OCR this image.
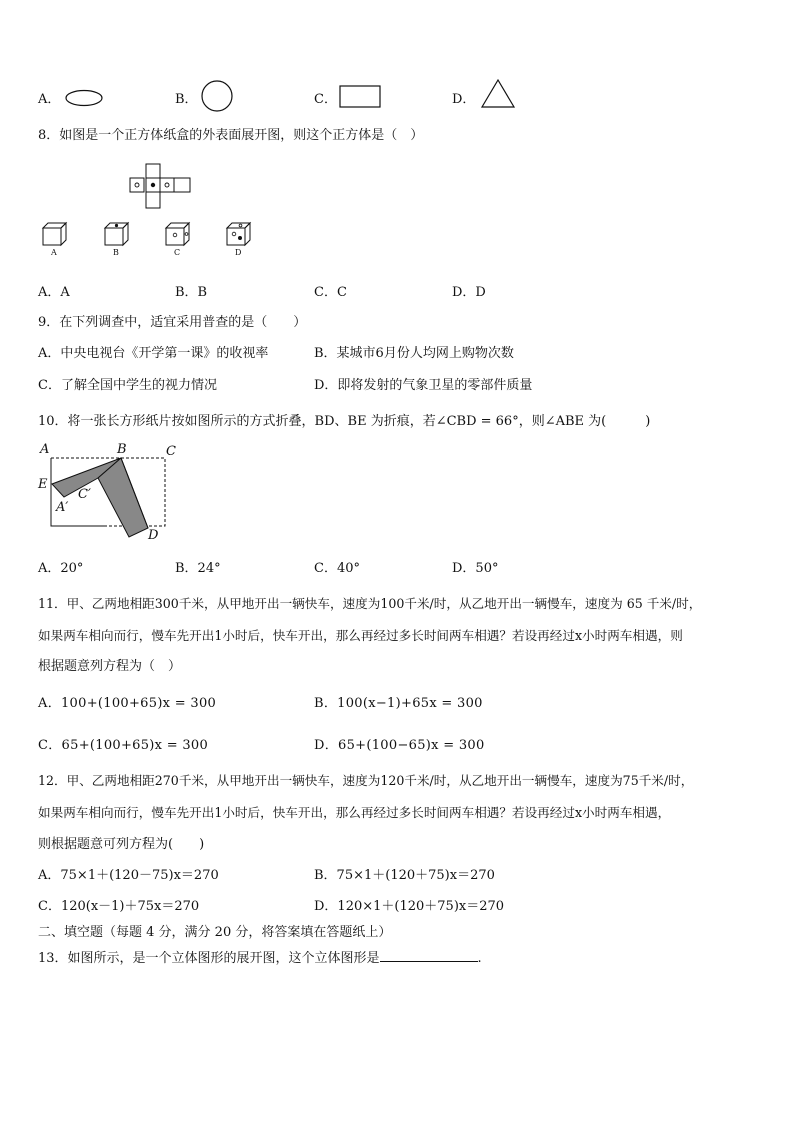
A．	B．	C．	D．
8．如图是一个正方体纸盒的外表面展开图，则这个正方体是（　）
A	B	C	D
A．A	B．B	C．C	D．D
9．在下列调查中，适宜采用普查的是（　　）
A．中央电视台《开学第一课》的收视率	B．某城市6月份人均网上购物次数
C．了解全国中学生的视力情况	D．即将发射的气象卫星的零部件质量
10．将一张长方形纸片按如图所示的方式折叠，BD、BE 为折痕，若∠CBD = 66°，则∠ABE 为(　　　)
A	B	C
E
C′
A′
D
A．20°	B．24°	C．40°	D．50°
11．甲、乙两地相距300千米，从甲地开出一辆快车，速度为100千米/时，从乙地开出一辆慢车，速度为 65 千米/时，
如果两车相向而行，慢车先开出1小时后，快车开出，那么再经过多长时间两车相遇？若设再经过x小时两车相遇，则
根据题意列方程为（　）
A．100+(100+65)x = 300	B．100(x−1)+65x = 300
C．65+(100+65)x = 300	D．65+(100−65)x = 300
12．甲、乙两地相距270千米，从甲地开出一辆快车，速度为120千米/时，从乙地开出一辆慢车，速度为75千米/时，
如果两车相向而行，慢车先开出1小时后，快车开出，那么再经过多长时间两车相遇？若设再经过x小时两车相遇，
则根据题意可列方程为(　　)
A．75×1＋(120－75)x＝270	B．75×1＋(120＋75)x＝270
C．120(x－1)＋75x＝270	D．120×1＋(120＋75)x＝270
二、填空题（每题 4 分，满分 20 分，将答案填在答题纸上）
13．如图所示，是一个立体图形的展开图，这个立体图形是	.
